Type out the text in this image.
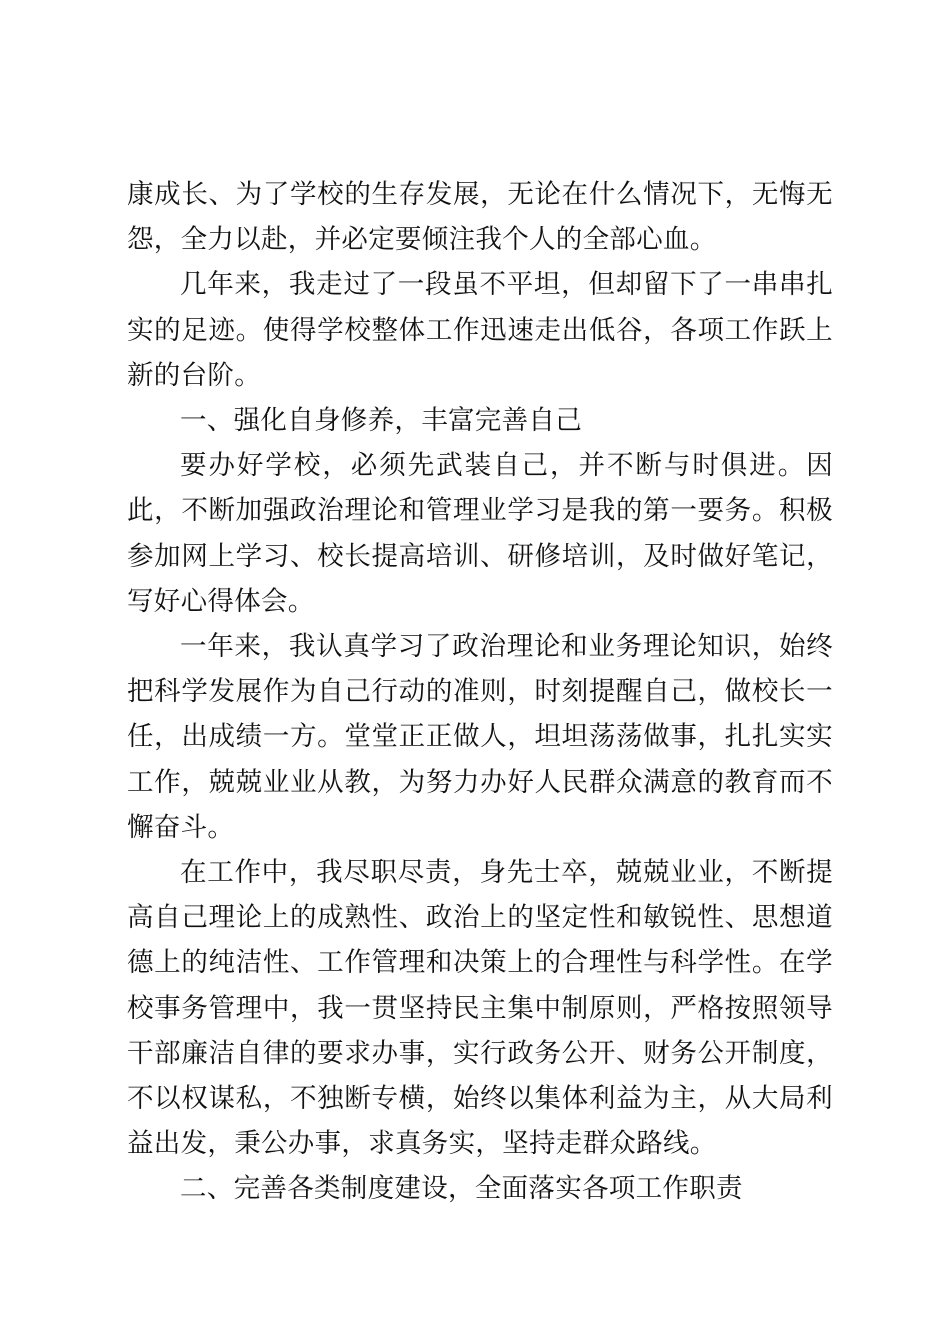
康成长、为了学校的生存发展，无论在什么情况下，无悔无怨，全力以赴，并必定要倾注我个人的全部心血。

几年来，我走过了一段虽不平坦，但却留下了一串串扎实的足迹。使得学校整体工作迅速走出低谷，各项工作跃上新的台阶。

一、强化自身修养，丰富完善自己

要办好学校，必须先武装自己，并不断与时俱进。因此，不断加强政治理论和管理业学习是我的第一要务。积极参加网上学习、校长提高培训、研修培训，及时做好笔记，写好心得体会。

一年来，我认真学习了政治理论和业务理论知识，始终把科学发展作为自己行动的准则，时刻提醒自己，做校长一任，出成绩一方。堂堂正正做人，坦坦荡荡做事，扎扎实实工作，兢兢业业从教，为努力办好人民群众满意的教育而不懈奋斗。

在工作中，我尽职尽责，身先士卒，兢兢业业，不断提高自己理论上的成熟性、政治上的坚定性和敏锐性、思想道德上的纯洁性、工作管理和决策上的合理性与科学性。在学校事务管理中，我一贯坚持民主集中制原则，严格按照领导干部廉洁自律的要求办事，实行政务公开、财务公开制度，不以权谋私，不独断专横，始终以集体利益为主，从大局利益出发，秉公办事，求真务实，坚持走群众路线。

二、完善各类制度建设，全面落实各项工作职责
